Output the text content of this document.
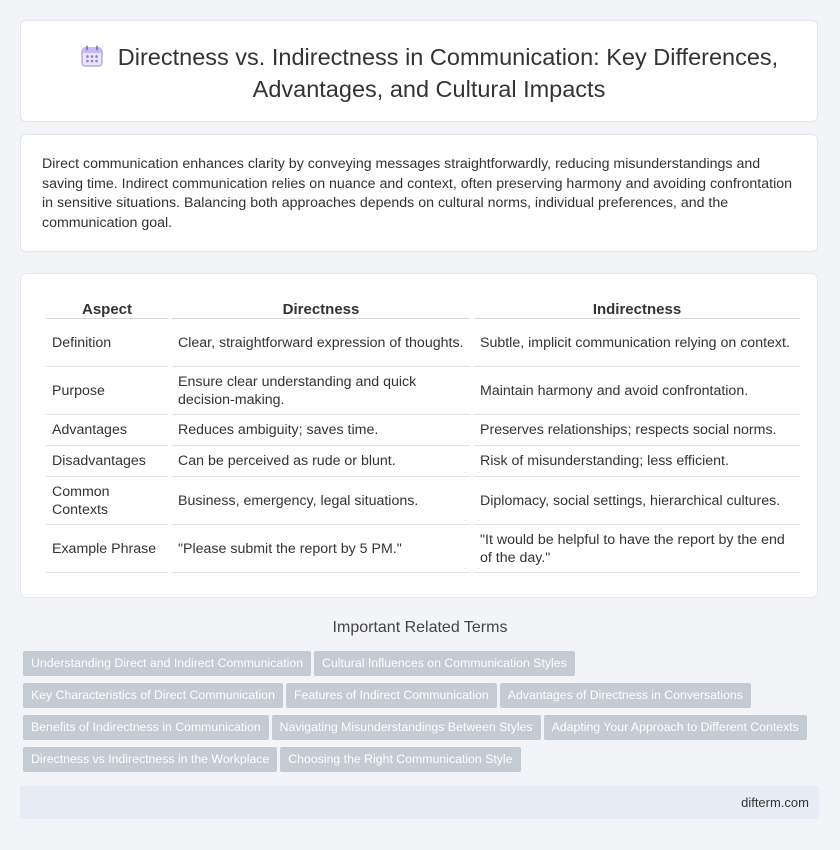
Directness vs. Indirectness in Communication: Key Differences,
Advantages, and Cultural Impacts

Direct communication enhances clarity by conveying messages straightforwardly, reducing misunderstandings and saving time. Indirect communication relies on nuance and context, often preserving harmony and avoiding confrontation in sensitive situations. Balancing both approaches depends on cultural norms, individual preferences, and the communication goal.

Aspect	Directness	Indirectness
Definition	Clear, straightforward expression of thoughts.	Subtle, implicit communication relying on context.
Purpose	Ensure clear understanding and quick decision-making.	Maintain harmony and avoid confrontation.
Advantages	Reduces ambiguity; saves time.	Preserves relationships; respects social norms.
Disadvantages	Can be perceived as rude or blunt.	Risk of misunderstanding; less efficient.
Common Contexts	Business, emergency, legal situations.	Diplomacy, social settings, hierarchical cultures.
Example Phrase	"Please submit the report by 5 PM."	"It would be helpful to have the report by the end of the day."
Important Related Terms
Understanding Direct and Indirect Communication Cultural Influences on Communication Styles
Key Characteristics of Direct Communication Features of Indirect Communication Advantages of Directness in Conversations
Benefits of Indirectness in Communication Navigating Misunderstandings Between Styles Adapting Your Approach to Different Contexts
Directness vs Indirectness in the Workplace Choosing the Right Communication Style
difterm.com
